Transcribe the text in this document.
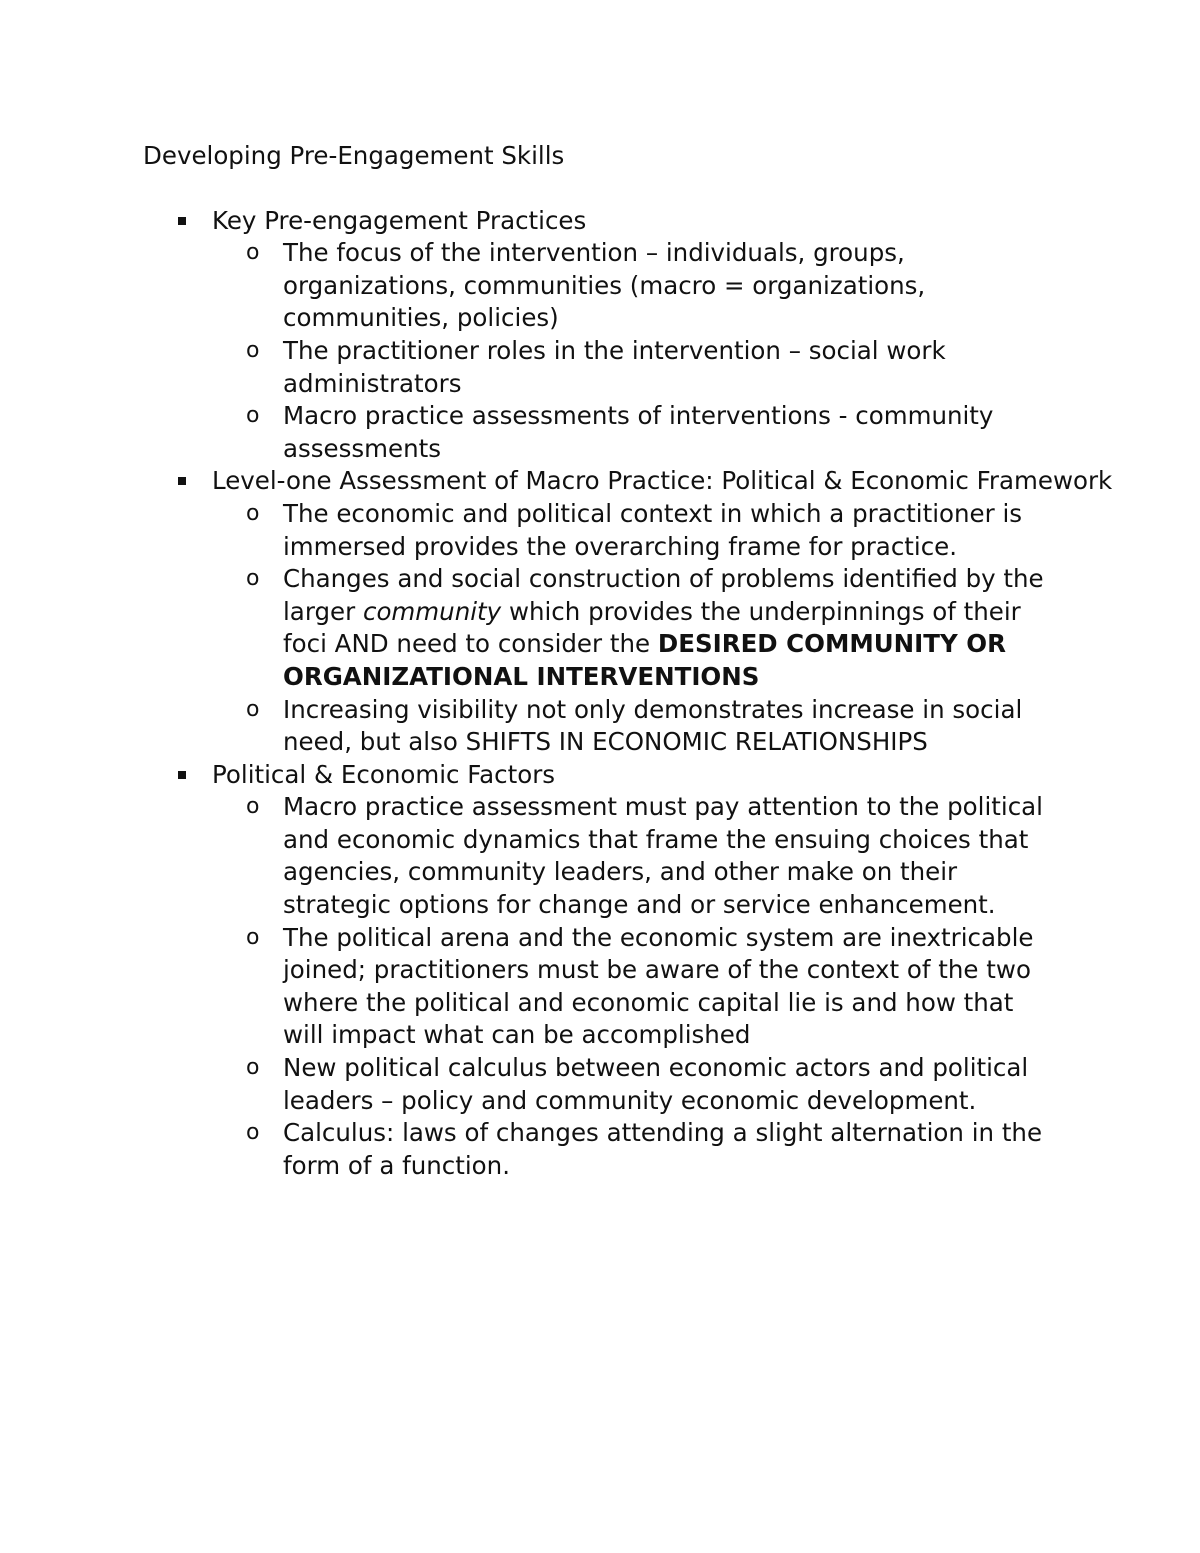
Developing Pre-Engagement Skills
Key Pre-engagement Practices
o The focus of the intervention – individuals, groups, organizations, communities (macro = organizations, communities, policies)
o The practitioner roles in the intervention – social work administrators
o Macro practice assessments of interventions - community assessments
Level-one Assessment of Macro Practice: Political & Economic Framework
o The economic and political context in which a practitioner is immersed provides the overarching frame for practice.
o Changes and social construction of problems identified by the larger community which provides the underpinnings of their foci AND need to consider the DESIRED COMMUNITY OR ORGANIZATIONAL INTERVENTIONS
o Increasing visibility not only demonstrates increase in social need, but also SHIFTS IN ECONOMIC RELATIONSHIPS
Political & Economic Factors
o Macro practice assessment must pay attention to the political and economic dynamics that frame the ensuing choices that agencies, community leaders, and other make on their strategic options for change and or service enhancement.
o The political arena and the economic system are inextricable joined; practitioners must be aware of the context of the two where the political and economic capital lie is and how that will impact what can be accomplished
o New political calculus between economic actors and political leaders – policy and community economic development.
o Calculus: laws of changes attending a slight alternation in the form of a function.
